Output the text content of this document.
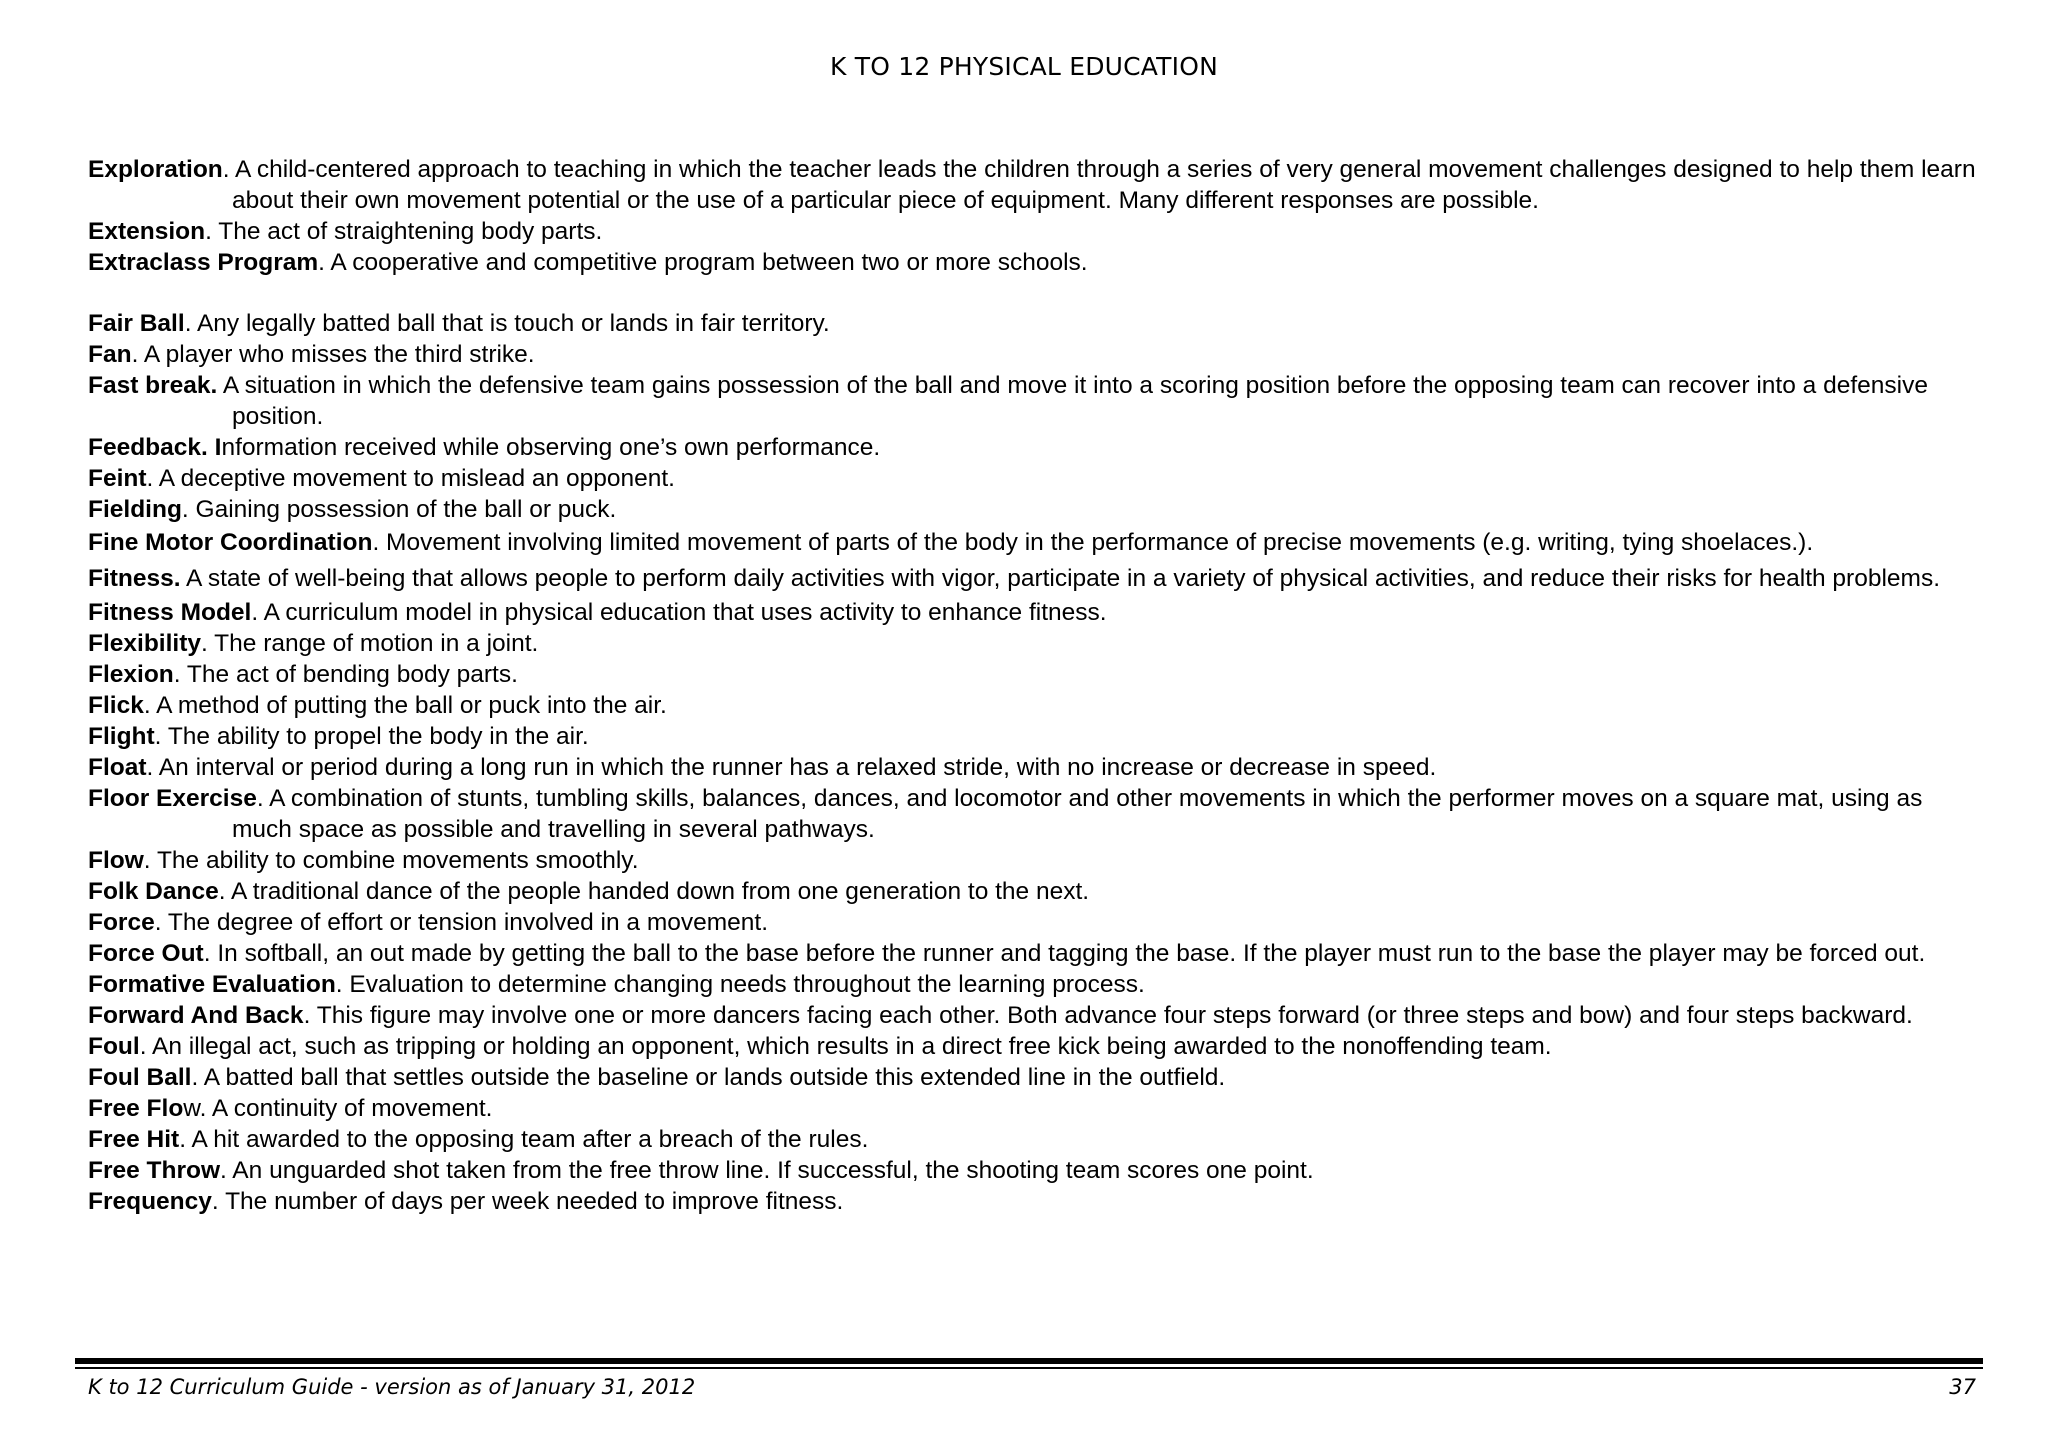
K TO 12 PHYSICAL EDUCATION

Exploration. A child-centered approach to teaching in which the teacher leads the children through a series of very general movement challenges designed to help them learn about their own movement potential or the use of a particular piece of equipment. Many different responses are possible.

Extension. The act of straightening body parts.

Extraclass Program. A cooperative and competitive program between two or more schools.

Fair Ball. Any legally batted ball that is touch or lands in fair territory.

Fan. A player who misses the third strike.

Fast break. A situation in which the defensive team gains possession of the ball and move it into a scoring position before the opposing team can recover into a defensive position.

Feedback. Information received while observing one’s own performance.

Feint. A deceptive movement to mislead an opponent.

Fielding. Gaining possession of the ball or puck.

Fine Motor Coordination. Movement involving limited movement of parts of the body in the performance of precise movements (e.g. writing, tying shoelaces.).

Fitness. A state of well-being that allows people to perform daily activities with vigor, participate in a variety of physical activities, and reduce their risks for health problems.

Fitness Model. A curriculum model in physical education that uses activity to enhance fitness.

Flexibility. The range of motion in a joint.

Flexion. The act of bending body parts.

Flick. A method of putting the ball or puck into the air.

Flight. The ability to propel the body in the air.

Float. An interval or period during a long run in which the runner has a relaxed stride, with no increase or decrease in speed.

Floor Exercise. A combination of stunts, tumbling skills, balances, dances, and locomotor and other movements in which the performer moves on a square mat, using as much space as possible and travelling in several pathways.

Flow. The ability to combine movements smoothly.

Folk Dance. A traditional dance of the people handed down from one generation to the next.

Force. The degree of effort or tension involved in a movement.

Force Out. In softball, an out made by getting the ball to the base before the runner and tagging the base. If the player must run to the base the player may be forced out.

Formative Evaluation. Evaluation to determine changing needs throughout the learning process.

Forward And Back. This figure may involve one or more dancers facing each other. Both advance four steps forward (or three steps and bow) and four steps backward.

Foul. An illegal act, such as tripping or holding an opponent, which results in a direct free kick being awarded to the nonoffending team.

Foul Ball. A batted ball that settles outside the baseline or lands outside this extended line in the outfield.

Free Flow. A continuity of movement.

Free Hit. A hit awarded to the opposing team after a breach of the rules.

Free Throw. An unguarded shot taken from the free throw line. If successful, the shooting team scores one point.

Frequency. The number of days per week needed to improve fitness.

K to 12 Curriculum Guide - version as of January 31, 2012	37
